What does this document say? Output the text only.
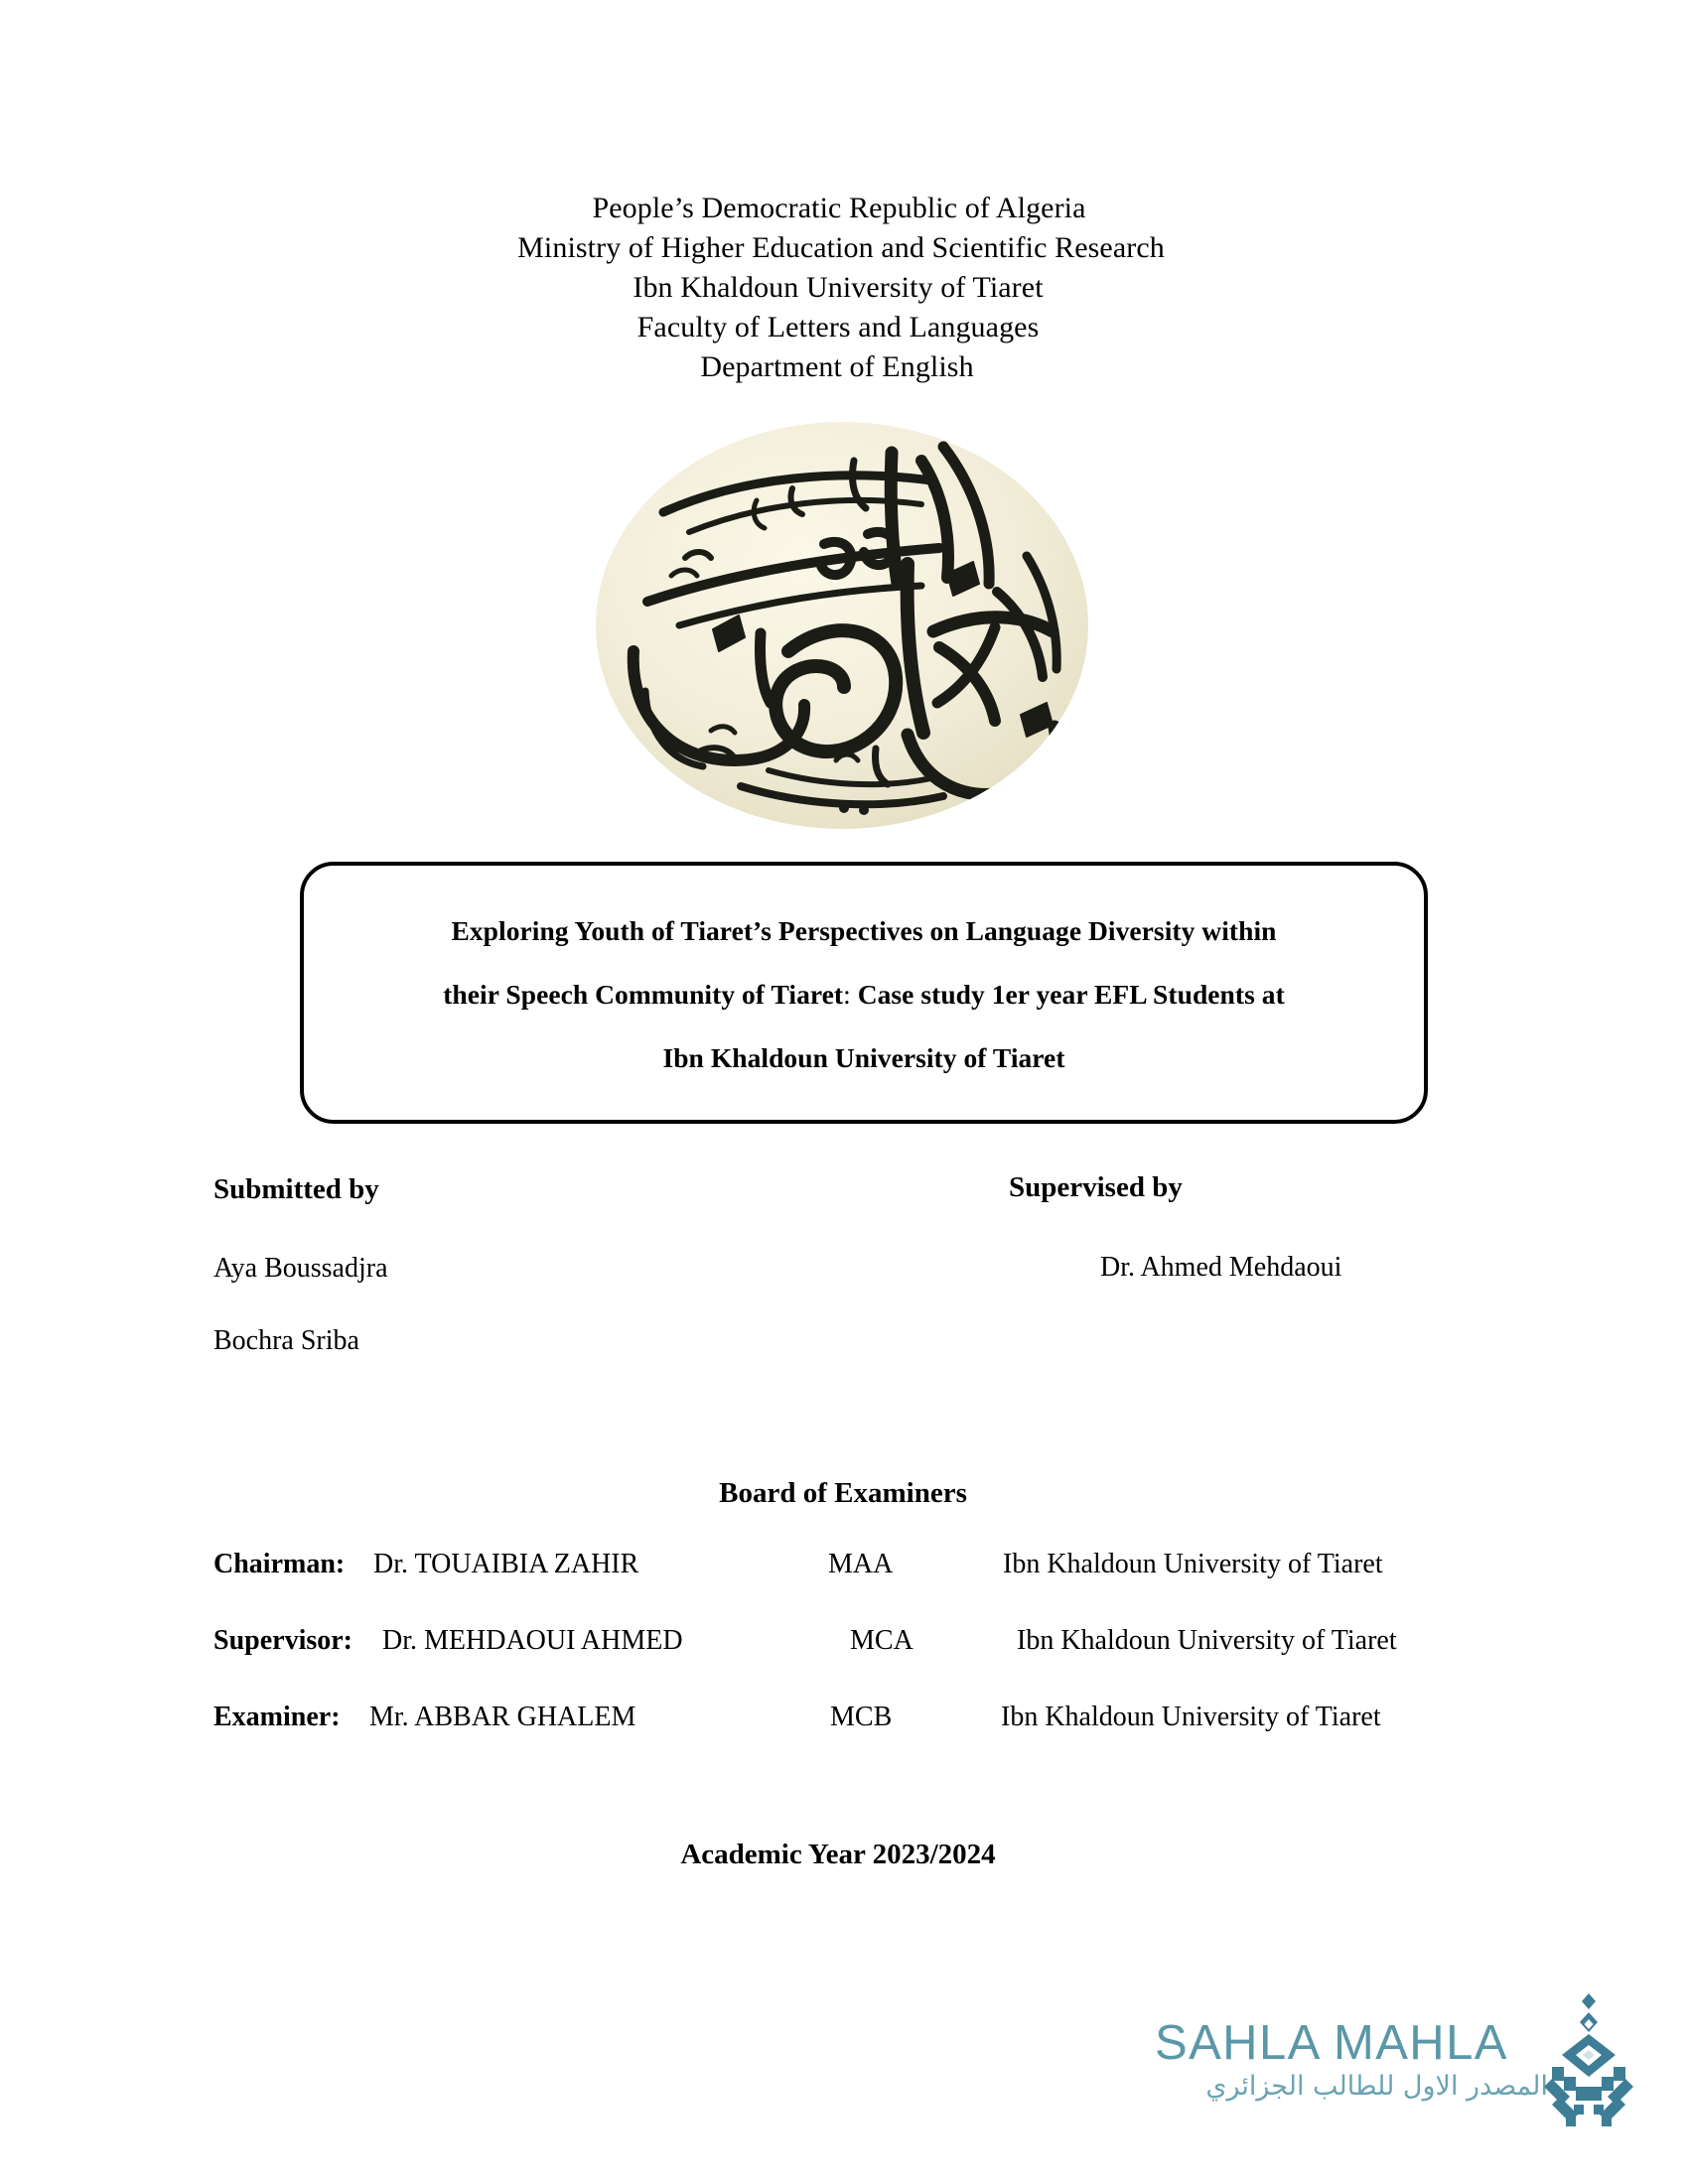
People’s Democratic Republic of Algeria
Ministry of Higher Education and Scientific Research
Ibn Khaldoun University of Tiaret
Faculty of Letters and Languages
Department of English
Exploring Youth of Tiaret’s Perspectives on Language Diversity within
their Speech Community of Tiaret: Case study 1er year EFL Students at
Ibn Khaldoun University of Tiaret
Submitted by	Supervised by
Aya Boussadjra
Bochra Sriba
Dr. Ahmed Mehdaoui
Board of Examiners
Chairman: Dr. TOUAIBIA ZAHIR	MAA	Ibn Khaldoun University of Tiaret
Supervisor: Dr. MEHDAOUI AHMED	MCA	Ibn Khaldoun University of Tiaret
Examiner: Mr. ABBAR GHALEM	MCB	Ibn Khaldoun University of Tiaret
Academic Year 2023/2024
SAHLA MAHLA
المصدر الاول للطالب الجزائري
